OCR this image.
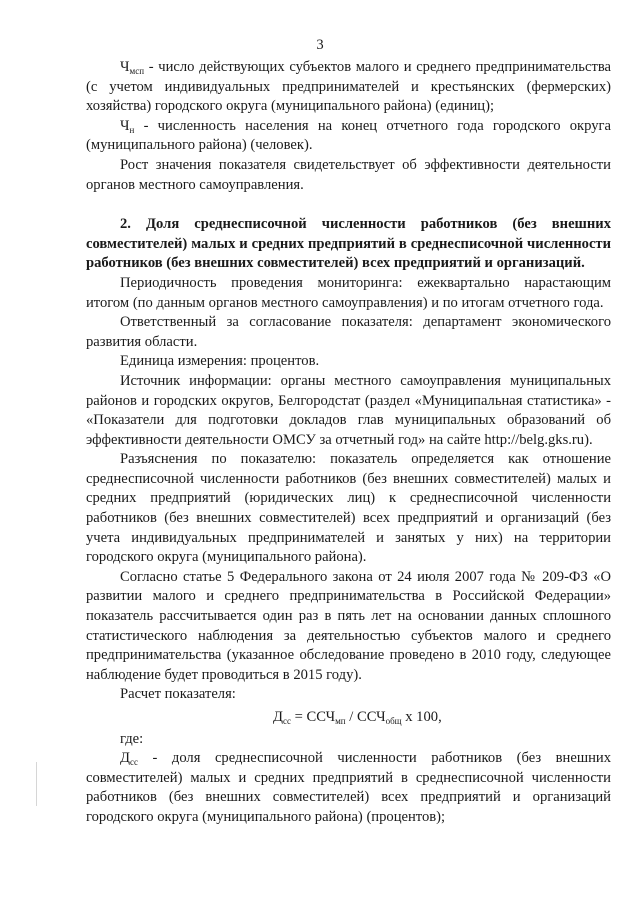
3

$Ч_{мсп}$ - число действующих субъектов малого и среднего предпринимательства (с учетом индивидуальных предпринимателей и крестьянских (фермерских) хозяйства) городского округа (муниципального района) (единиц);

$Ч_н$ - численность населения на конец отчетного года городского округа (муниципального района) (человек).

Рост значения показателя свидетельствует об эффективности деятельности органов местного самоуправления.

2. Доля среднесписочной численности работников (без внешних совместителей) малых и средних предприятий в среднесписочной численности работников (без внешних совместителей) всех предприятий и организаций.

Периодичность проведения мониторинга: ежеквартально нарастающим итогом (по данным органов местного самоуправления) и по итогам отчетного года.

Ответственный за согласование показателя: департамент экономического развития области.

Единица измерения: процентов.

Источник информации: органы местного самоуправления муниципальных районов и городских округов, Белгородстат (раздел «Муниципальная статистика» - «Показатели для подготовки докладов глав муниципальных образований об эффективности деятельности ОМСУ за отчетный год» на сайте http://belg.gks.ru).

Разъяснения по показателю: показатель определяется как отношение среднесписочной численности работников (без внешних совместителей) малых и средних предприятий (юридических лиц) к среднесписочной численности работников (без внешних совместителей) всех предприятий и организаций (без учета индивидуальных предпринимателей и занятых у них) на территории городского округа (муниципального района).

Согласно статье 5 Федерального закона от 24 июля 2007 года № 209-ФЗ «О развитии малого и среднего предпринимательства в Российской Федерации» показатель рассчитывается один раз в пять лет на основании данных сплошного статистического наблюдения за деятельностью субъектов малого и среднего предпринимательства (указанное обследование проведено в 2010 году, следующее наблюдение будет проводиться в 2015 году).

Расчет показателя:

$Д_{сс} = ССЧ_{мп} / ССЧ_{общ}$ х 100,

где:

$Д_{сс}$ - доля среднесписочной численности работников (без внешних совместителей) малых и средних предприятий в среднесписочной численности работников (без внешних совместителей) всех предприятий и организаций городского округа (муниципального района) (процентов);
